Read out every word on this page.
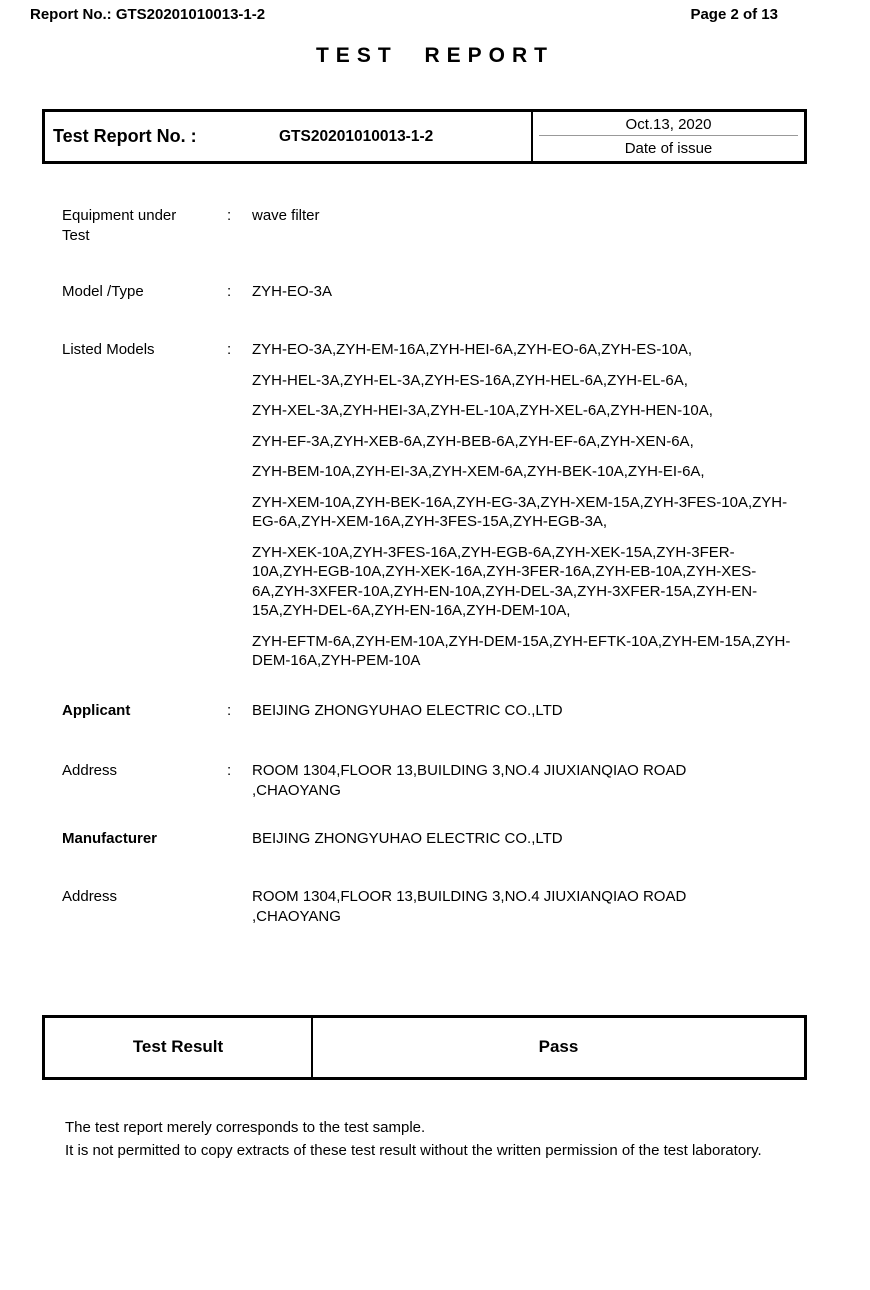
Report No.: GTS20201010013-1-2	Page 2 of 13
TEST REPORT
Test Report No. :	GTS20201010013-1-2
Oct.13, 2020
Date of issue
Equipment under Test
:	wave filter
Model /Type	:	ZYH-EO-3A
Listed Models	:	ZYH-EO-3A,ZYH-EM-16A,ZYH-HEI-6A,ZYH-EO-6A,ZYH-ES-10A,

ZYH-HEL-3A,ZYH-EL-3A,ZYH-ES-16A,ZYH-HEL-6A,ZYH-EL-6A,

ZYH-XEL-3A,ZYH-HEI-3A,ZYH-EL-10A,ZYH-XEL-6A,ZYH-HEN-10A,

ZYH-EF-3A,ZYH-XEB-6A,ZYH-BEB-6A,ZYH-EF-6A,ZYH-XEN-6A,

ZYH-BEM-10A,ZYH-EI-3A,ZYH-XEM-6A,ZYH-BEK-10A,ZYH-EI-6A,

ZYH-XEM-10A,ZYH-BEK-16A,ZYH-EG-3A,ZYH-XEM-15A,ZYH-3FES-10A,ZYH-EG-6A,ZYH-XEM-16A,ZYH-3FES-15A,ZYH-EGB-3A,

ZYH-XEK-10A,ZYH-3FES-16A,ZYH-EGB-6A,ZYH-XEK-15A,ZYH-3FER-10A,ZYH-EGB-10A,ZYH-XEK-16A,ZYH-3FER-16A,ZYH-EB-10A,ZYH-XES-6A,ZYH-3XFER-10A,ZYH-EN-10A,ZYH-DEL-3A,ZYH-3XFER-15A,ZYH-EN-15A,ZYH-DEL-6A,ZYH-EN-16A,ZYH-DEM-10A,

ZYH-EFTM-6A,ZYH-EM-10A,ZYH-DEM-15A,ZYH-EFTK-10A,ZYH-EM-15A,ZYH-DEM-16A,ZYH-PEM-10A

Applicant	:	BEIJING ZHONGYUHAO ELECTRIC CO.,LTD
Address	:	ROOM 1304,FLOOR 13,BUILDING 3,NO.4 JIUXIANQIAO ROAD ,CHAOYANG
Manufacturer	BEIJING ZHONGYUHAO ELECTRIC CO.,LTD
Address	ROOM 1304,FLOOR 13,BUILDING 3,NO.4 JIUXIANQIAO ROAD ,CHAOYANG
Test Result	Pass

The test report merely corresponds to the test sample.

It is not permitted to copy extracts of these test result without the written permission of the test laboratory.
